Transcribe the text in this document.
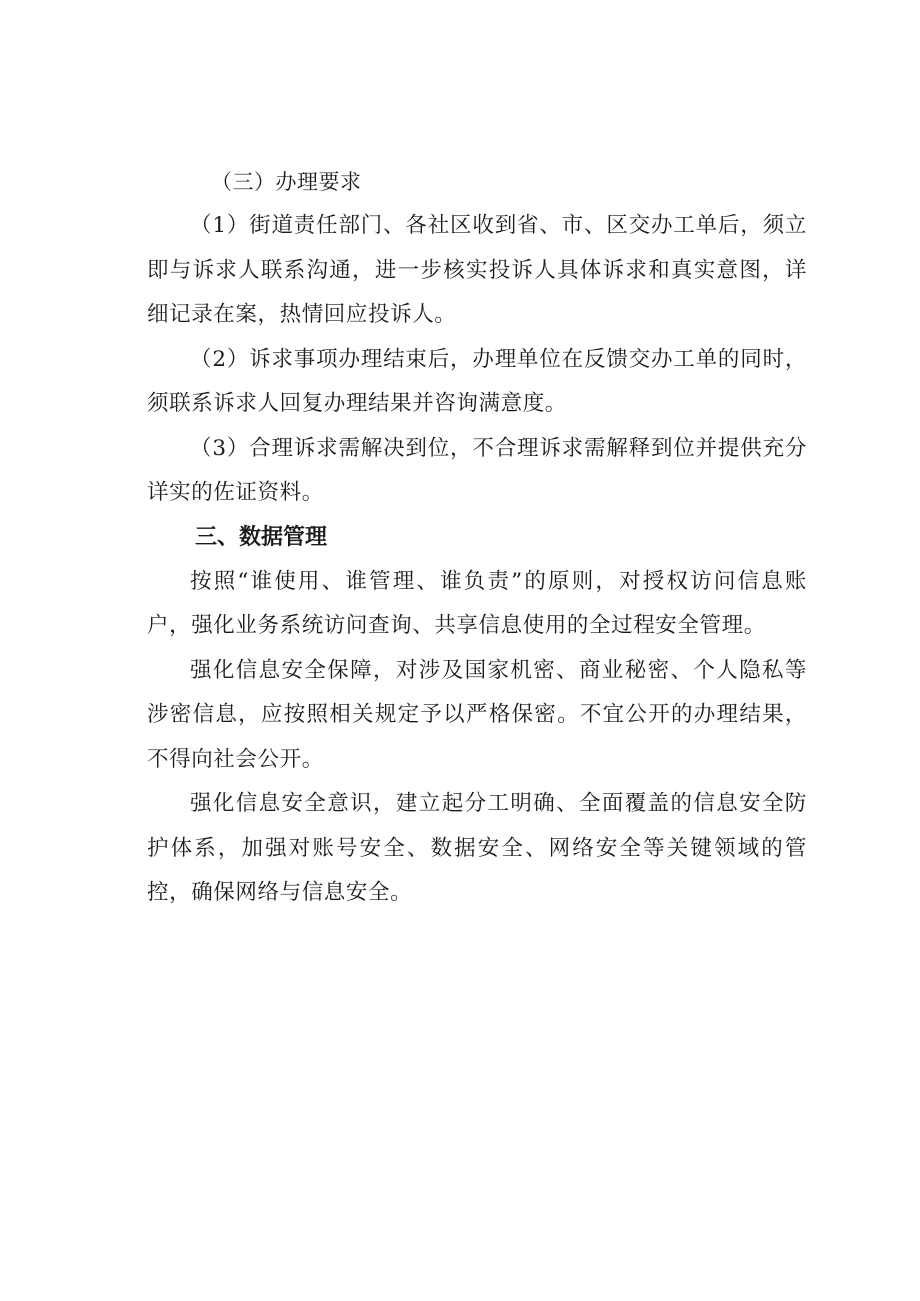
（三）办理要求

（1）街道责任部门、各社区收到省、市、区交办工单后，须立即与诉求人联系沟通，进一步核实投诉人具体诉求和真实意图，详细记录在案，热情回应投诉人。

（2）诉求事项办理结束后，办理单位在反馈交办工单的同时，须联系诉求人回复办理结果并咨询满意度。

（3）合理诉求需解决到位，不合理诉求需解释到位并提供充分详实的佐证资料。

三、数据管理

按照“谁使用、谁管理、谁负责”的原则，对授权访问信息账户，强化业务系统访问查询、共享信息使用的全过程安全管理。

强化信息安全保障，对涉及国家机密、商业秘密、个人隐私等涉密信息，应按照相关规定予以严格保密。不宜公开的办理结果，不得向社会公开。

强化信息安全意识，建立起分工明确、全面覆盖的信息安全防护体系，加强对账号安全、数据安全、网络安全等关键领域的管控，确保网络与信息安全。
